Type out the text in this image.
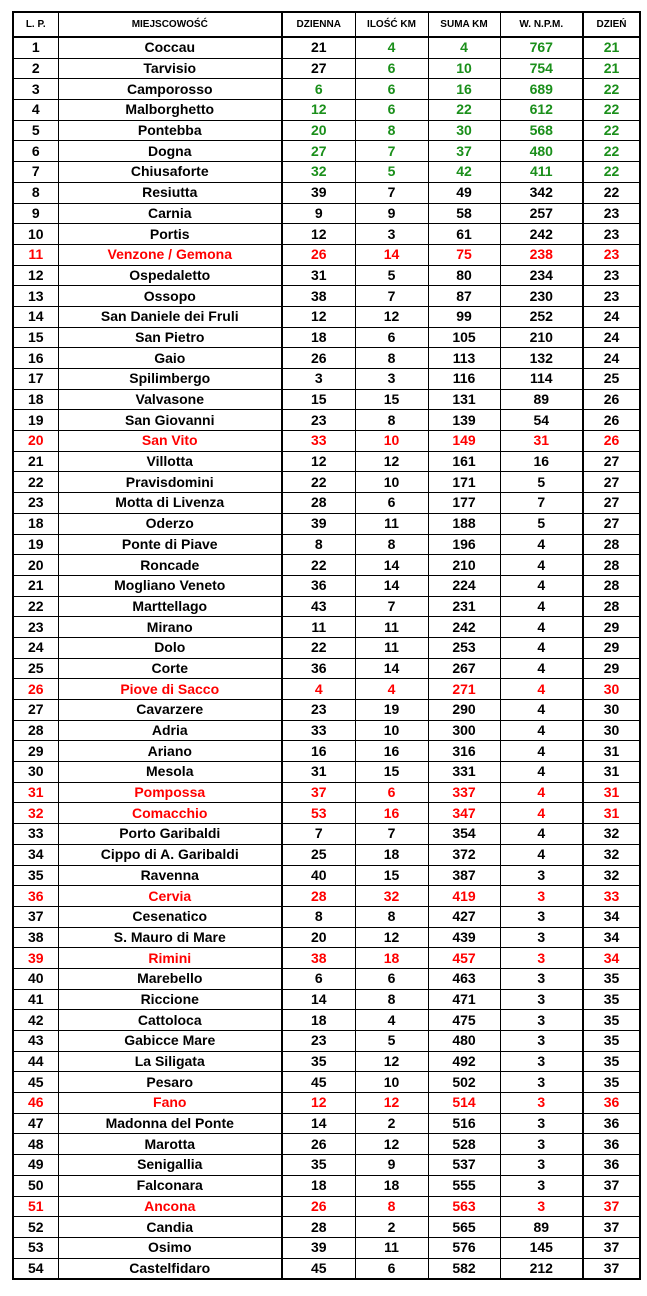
L. P.	MIEJSCOWOŚĆ	DZIENNA	ILOŚĆ KM	SUMA KM	W. N.P.M.	DZIEŃ
1	Coccau	21	4	4	767	21
2	Tarvisio	27	6	10	754	21
3	Camporosso	6	6	16	689	22
4	Malborghetto	12	6	22	612	22
5	Pontebba	20	8	30	568	22
6	Dogna	27	7	37	480	22
7	Chiusaforte	32	5	42	411	22
8	Resiutta	39	7	49	342	22
9	Carnia	9	9	58	257	23
10	Portis	12	3	61	242	23
11	Venzone / Gemona	26	14	75	238	23
12	Ospedaletto	31	5	80	234	23
13	Ossopo	38	7	87	230	23
14	San Daniele dei Fruli	12	12	99	252	24
15	San Pietro	18	6	105	210	24
16	Gaio	26	8	113	132	24
17	Spilimbergo	3	3	116	114	25
18	Valvasone	15	15	131	89	26
19	San Giovanni	23	8	139	54	26
20	San Vito	33	10	149	31	26
21	Villotta	12	12	161	16	27
22	Pravisdomini	22	10	171	5	27
23	Motta di Livenza	28	6	177	7	27
18	Oderzo	39	11	188	5	27
19	Ponte di Piave	8	8	196	4	28
20	Roncade	22	14	210	4	28
21	Mogliano Veneto	36	14	224	4	28
22	Marttellago	43	7	231	4	28
23	Mirano	11	11	242	4	29
24	Dolo	22	11	253	4	29
25	Corte	36	14	267	4	29
26	Piove di Sacco	4	4	271	4	30
27	Cavarzere	23	19	290	4	30
28	Adria	33	10	300	4	30
29	Ariano	16	16	316	4	31
30	Mesola	31	15	331	4	31
31	Pompossa	37	6	337	4	31
32	Comacchio	53	16	347	4	31
33	Porto Garibaldi	7	7	354	4	32
34	Cippo di A. Garibaldi	25	18	372	4	32
35	Ravenna	40	15	387	3	32
36	Cervia	28	32	419	3	33
37	Cesenatico	8	8	427	3	34
38	S. Mauro di Mare	20	12	439	3	34
39	Rimini	38	18	457	3	34
40	Marebello	6	6	463	3	35
41	Riccione	14	8	471	3	35
42	Cattoloca	18	4	475	3	35
43	Gabicce Mare	23	5	480	3	35
44	La Siligata	35	12	492	3	35
45	Pesaro	45	10	502	3	35
46	Fano	12	12	514	3	36
47	Madonna del Ponte	14	2	516	3	36
48	Marotta	26	12	528	3	36
49	Senigallia	35	9	537	3	36
50	Falconara	18	18	555	3	37
51	Ancona	26	8	563	3	37
52	Candia	28	2	565	89	37
53	Osimo	39	11	576	145	37
54	Castelfidaro	45	6	582	212	37
